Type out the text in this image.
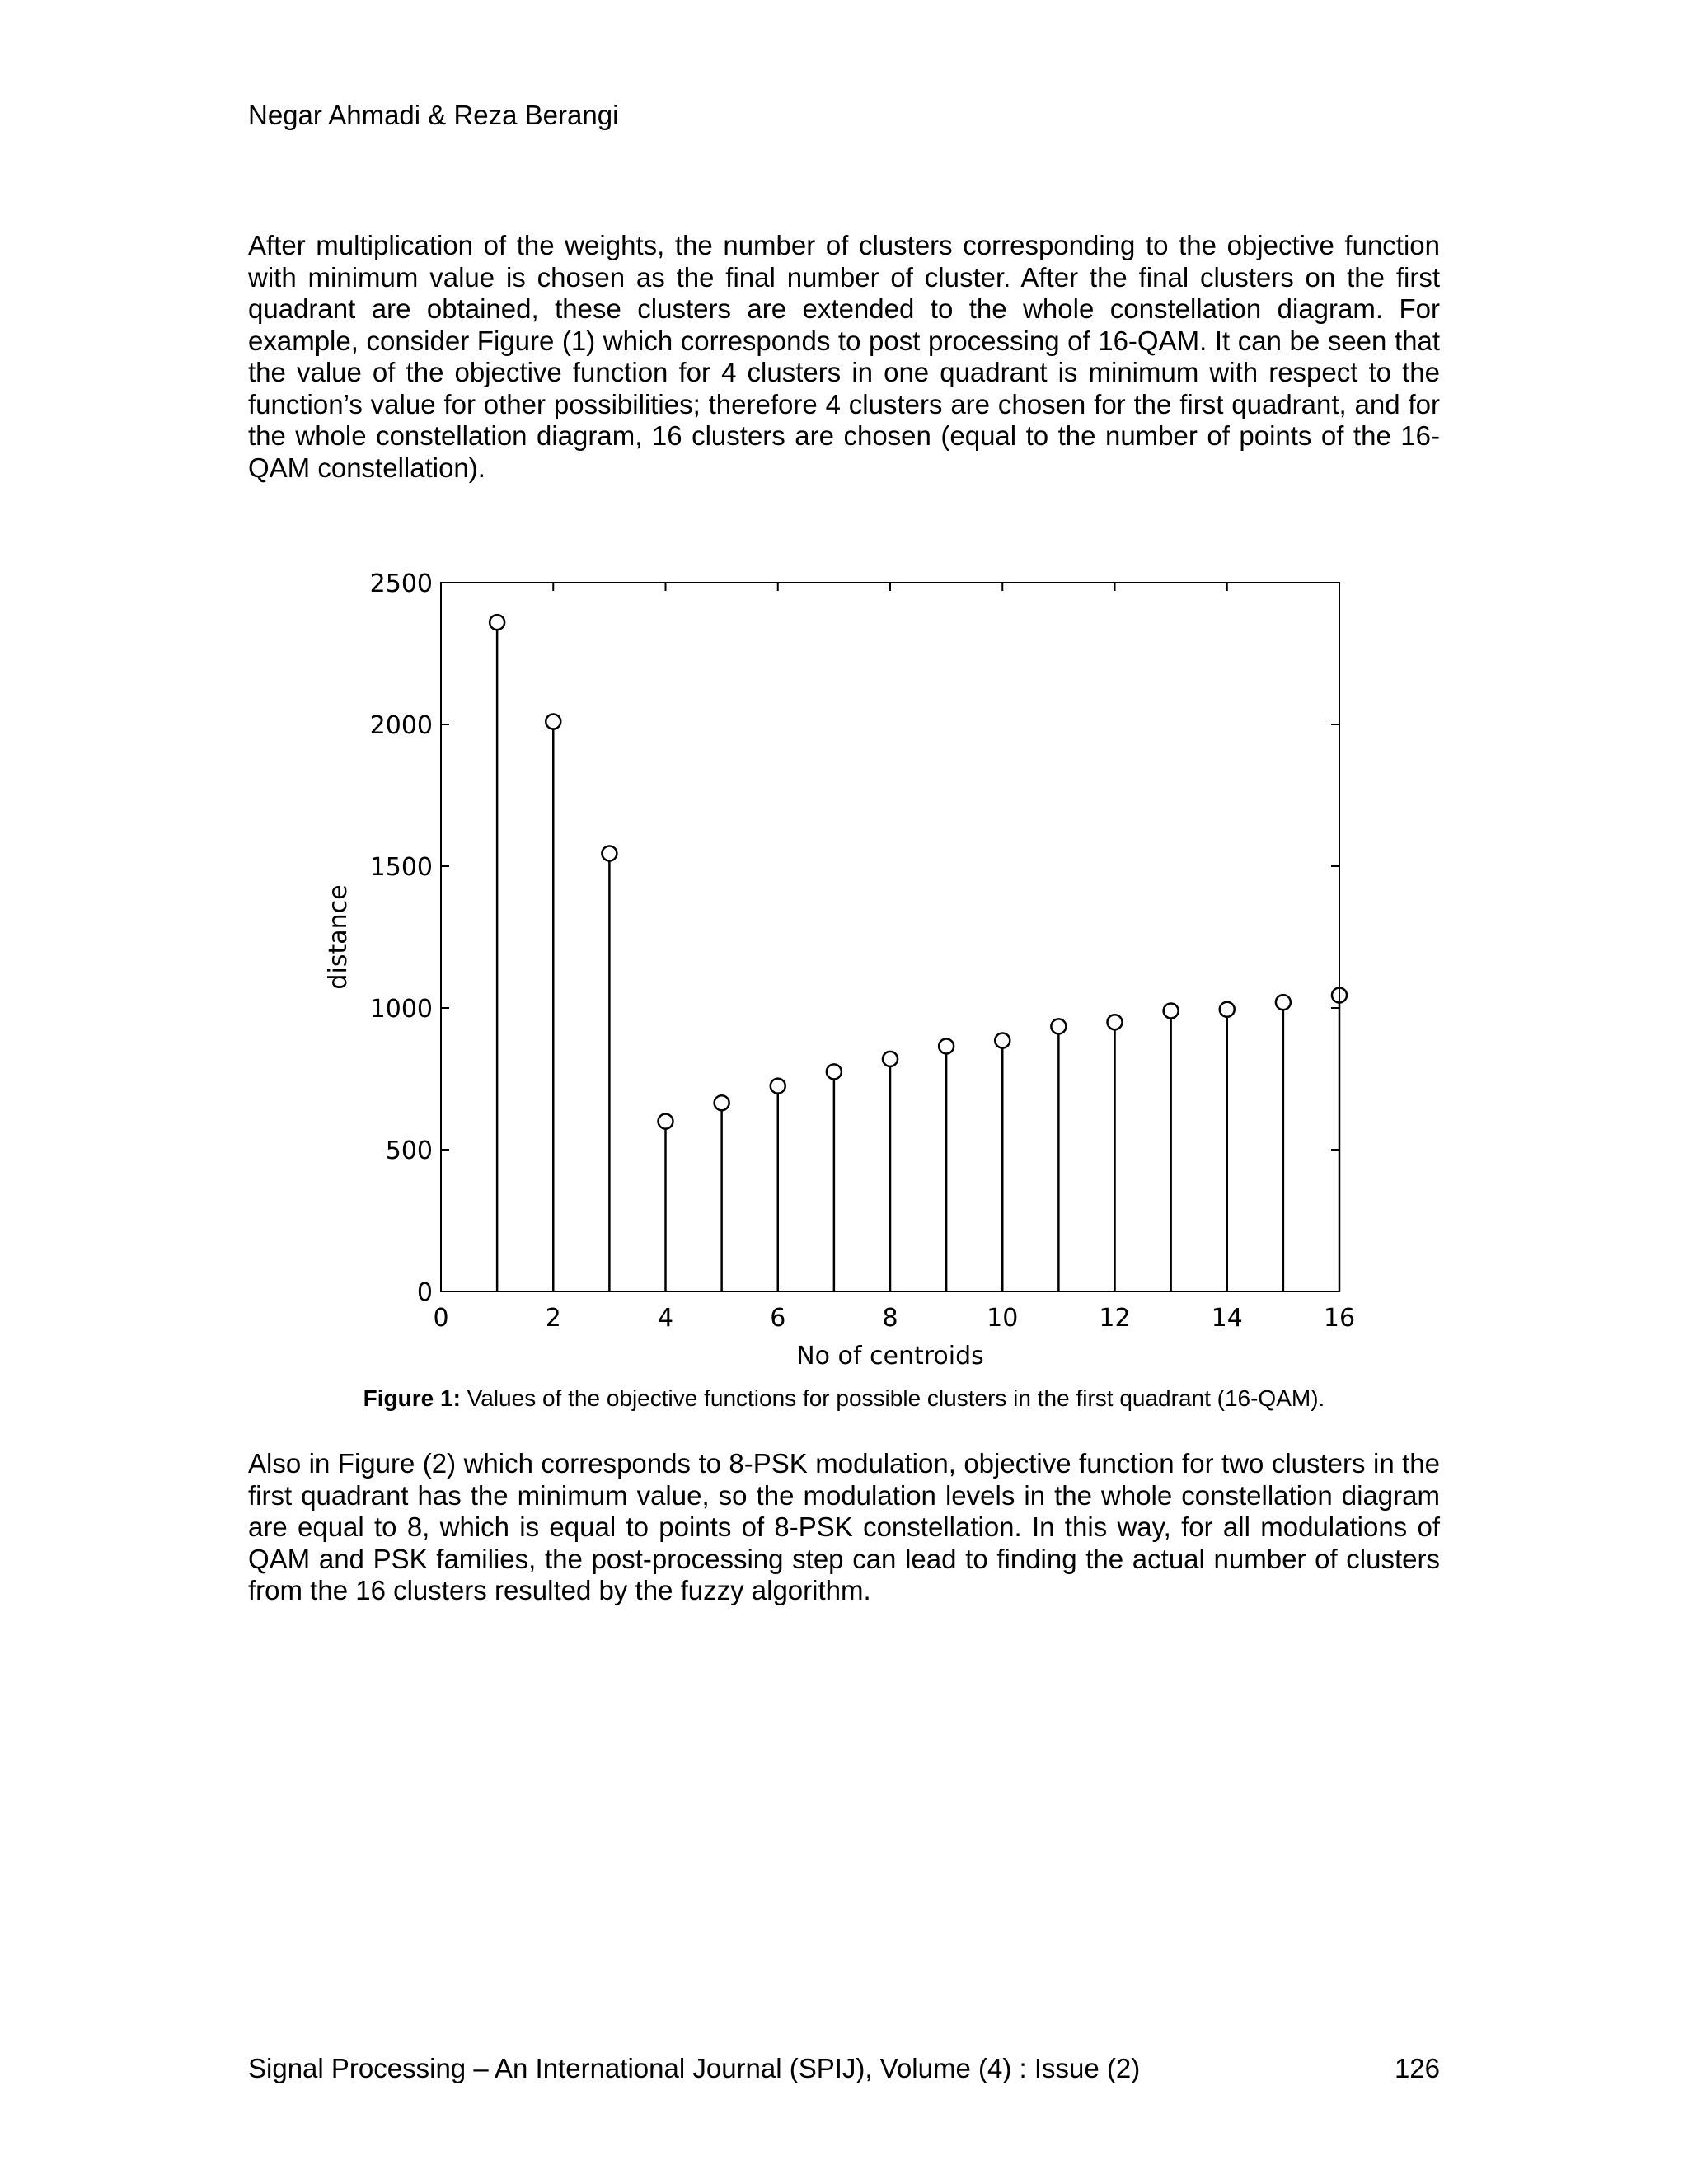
Negar Ahmadi & Reza Berangi

After multiplication of the weights, the number of clusters corresponding to the objective function with minimum value is chosen as the final number of cluster. After the final clusters on the first quadrant are obtained, these clusters are extended to the whole constellation diagram. For example, consider Figure (1) which corresponds to post processing of 16-QAM. It can be seen that the value of the objective function for 4 clusters in one quadrant is minimum with respect to the function’s value for other possibilities; therefore 4 clusters are chosen for the first quadrant, and for the whole constellation diagram, 16 clusters are chosen (equal to the number of points of the 16-QAM constellation).

0	2	4	6	8	10	12	14	16
0
500
1000
1500
2000
2500
No of centroids
distance
Figure 1: Values of the objective functions for possible clusters in the first quadrant (16-QAM).

Also in Figure (2) which corresponds to 8-PSK modulation, objective function for two clusters in the first quadrant has the minimum value, so the modulation levels in the whole constellation diagram are equal to 8, which is equal to points of 8-PSK constellation. In this way, for all modulations of QAM and PSK families, the post-processing step can lead to finding the actual number of clusters from the 16 clusters resulted by the fuzzy algorithm.

Signal Processing – An International Journal (SPIJ), Volume (4) : Issue (2)	126
